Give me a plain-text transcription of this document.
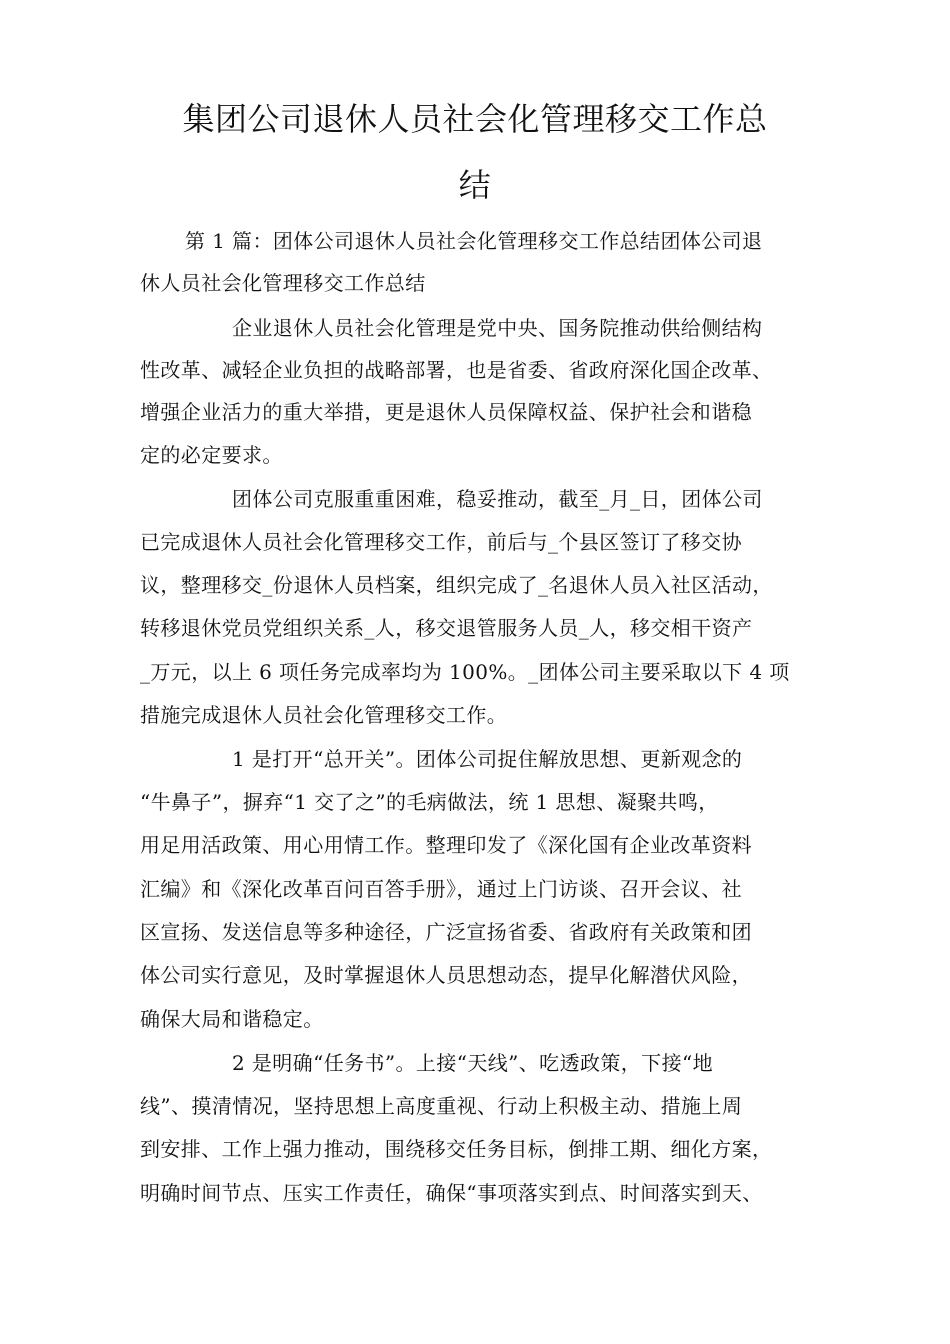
集团公司退休人员社会化管理移交工作总
结

第 1 篇：团体公司退休人员社会化管理移交工作总结团体公司退

休人员社会化管理移交工作总结

企业退休人员社会化管理是党中央、国务院推动供给侧结构

性改革、减轻企业负担的战略部署，也是省委、省政府深化国企改革、

增强企业活力的重大举措，更是退休人员保障权益、保护社会和谐稳

定的必定要求。

团体公司克服重重困难，稳妥推动，截至_月_日，团体公司

已完成退休人员社会化管理移交工作，前后与_个县区签订了移交协

议，整理移交_份退休人员档案，组织完成了_名退休人员入社区活动，

转移退休党员党组织关系_人，移交退管服务人员_人，移交相干资产

_万元，以上 6 项任务完成率均为 100%。_团体公司主要采取以下 4 项

措施完成退休人员社会化管理移交工作。

1 是打开“总开关”。团体公司捉住解放思想、更新观念的

“牛鼻子”，摒弃“1 交了之”的毛病做法，统 1 思想、凝聚共鸣，

用足用活政策、用心用情工作。整理印发了《深化国有企业改革资料

汇编》和《深化改革百问百答手册》，通过上门访谈、召开会议、社

区宣扬、发送信息等多种途径，广泛宣扬省委、省政府有关政策和团

体公司实行意见，及时掌握退休人员思想动态，提早化解潜伏风险，

确保大局和谐稳定。

2 是明确“任务书”。上接“天线”、吃透政策，下接“地

线”、摸清情况，坚持思想上高度重视、行动上积极主动、措施上周

到安排、工作上强力推动，围绕移交任务目标，倒排工期、细化方案，

明确时间节点、压实工作责任，确保“事项落实到点、时间落实到天、
